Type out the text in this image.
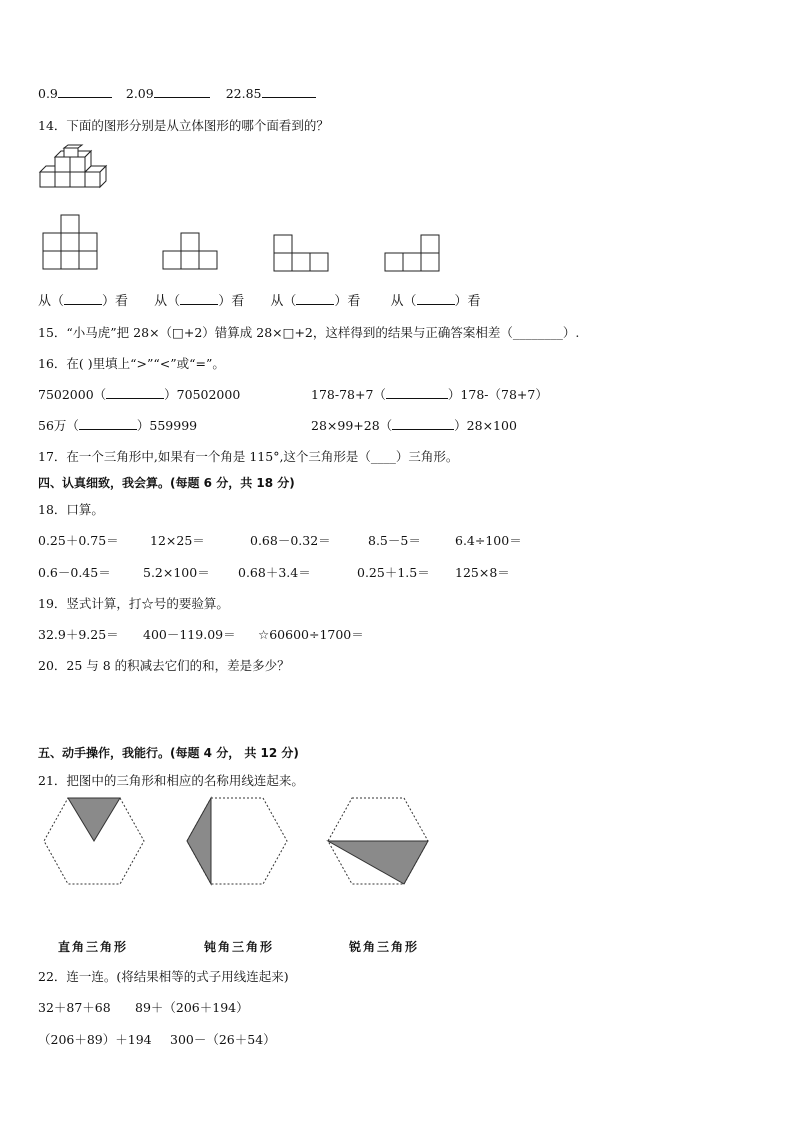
0.9	2.09	22.85
14．下面的图形分别是从立体图形的哪个面看到的？
从（	）看 从（	）看 从（	）看 从（	）看
15．“小马虎”把 28×（□+2）错算成 28×□+2，这样得到的结果与正确答案相差（________）.
16．在( )里填上“>”“<”或“=”。
7502000（	）70502000	178-78+7（	）178-（78+7）
56万（	）559999	28×99+28（	）28×100
17．在一个三角形中,如果有一个角是 115°,这个三角形是（____）三角形。
四、认真细致，我会算。(每题 6 分，共 18 分)
18．口算。
0.25＋0.75＝	12×25＝	0.68－0.32＝	8.5－5＝	6.4÷100＝
0.6－0.45＝	5.2×100＝ 0.68＋3.4＝	0.25＋1.5＝ 125×8＝
19．竖式计算，打☆号的要验算。
32.9＋9.25＝ 400－119.09＝ ☆60600÷1700＝
20．25 与 8 的积减去它们的和，差是多少？
五、动手操作，我能行。(每题 4 分， 共 12 分)
21．把图中的三角形和相应的名称用线连起来。
直角三角形	钝角三角形	锐角三角形
22．连一连。(将结果相等的式子用线连起来)
32＋87＋68 89＋（206＋194）
（206＋89）＋194 300－（26＋54）
